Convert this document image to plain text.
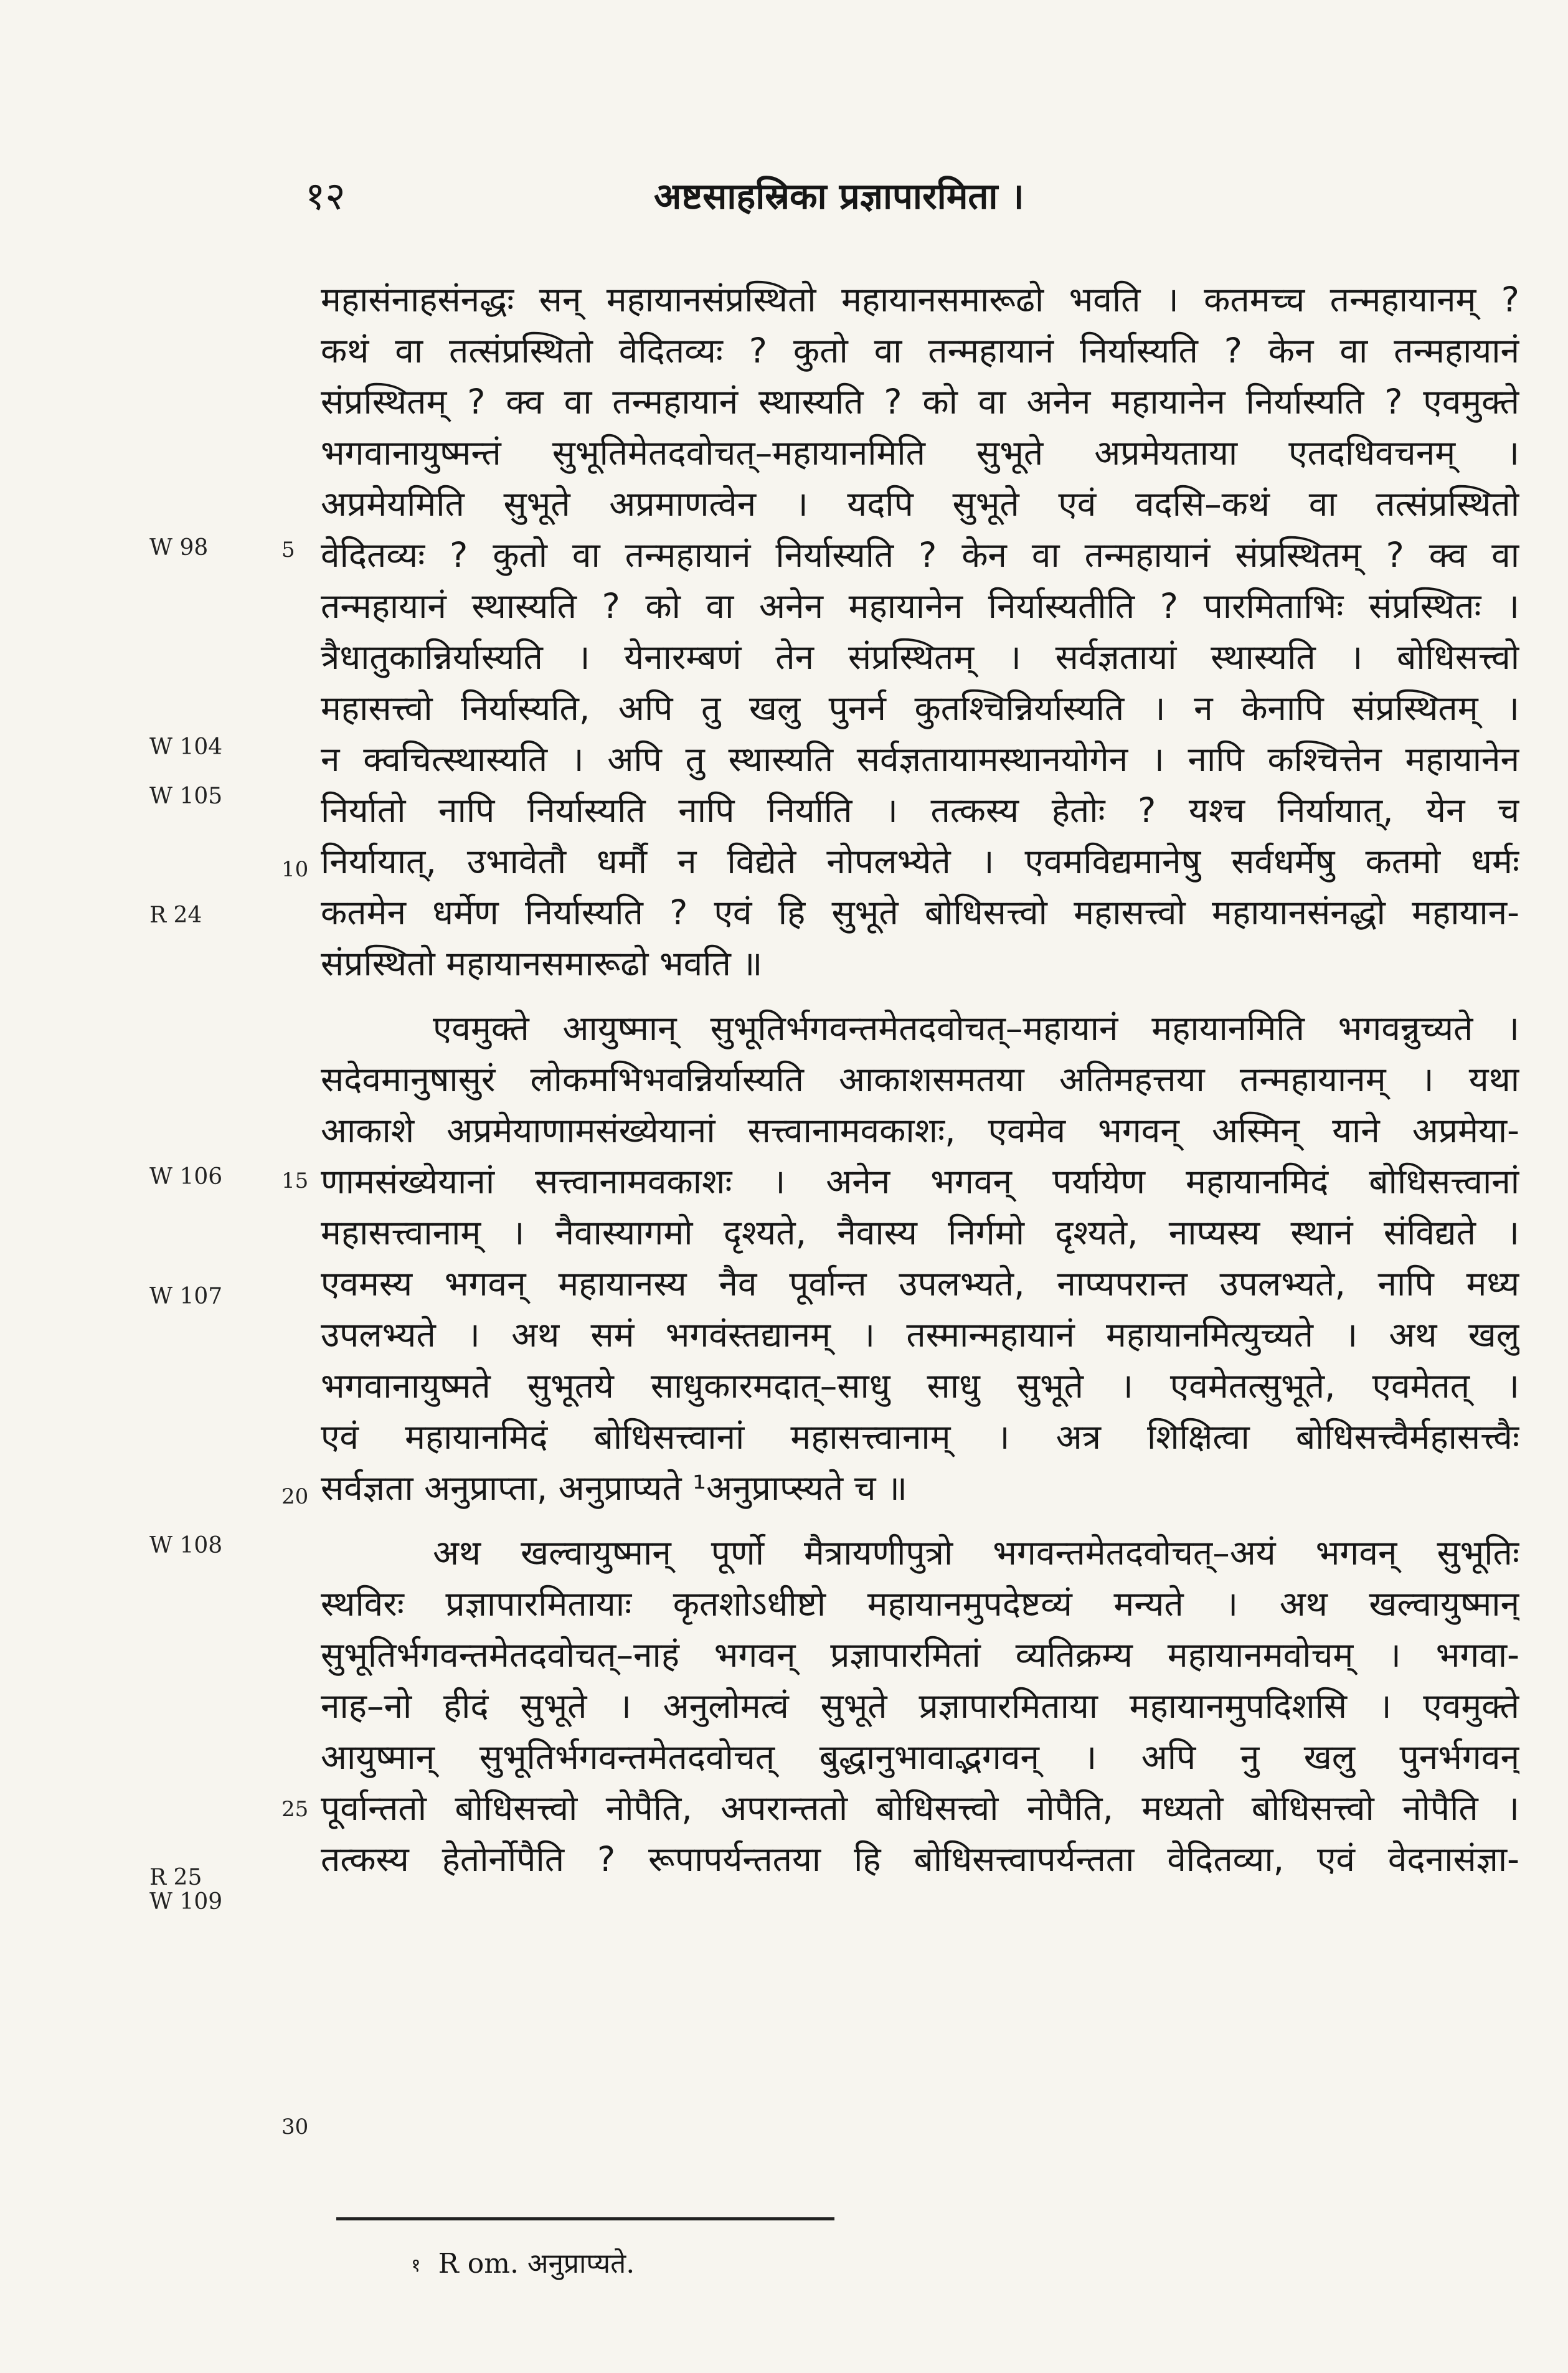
१२	अष्टसाहस्रिका प्रज्ञापारमिता ।
W 98
W 104
W 105
R 24
W 106
W 107
W 108
R 25
W 109
5
10
15
20
25
30
महासंनाहसंनद्धः सन् महायानसंप्रस्थितो महायानसमारूढो भवति । कतमच्च तन्महायानम् ?
कथं वा तत्संप्रस्थितो वेदितव्यः ? कुतो वा तन्महायानं निर्यास्यति ? केन वा तन्महायानं
संप्रस्थितम् ? क्व वा तन्महायानं स्थास्यति ? को वा अनेन महायानेन निर्यास्यति ? एवमुक्ते
भगवानायुष्मन्तं सुभूतिमेतदवोचत्–महायानमिति सुभूते अप्रमेयताया एतदधिवचनम् ।
अप्रमेयमिति सुभूते अप्रमाणत्वेन । यदपि सुभूते एवं वदसि–कथं वा तत्संप्रस्थितो
वेदितव्यः ? कुतो वा तन्महायानं निर्यास्यति ? केन वा तन्महायानं संप्रस्थितम् ? क्व वा
तन्महायानं स्थास्यति ? को वा अनेन महायानेन निर्यास्यतीति ? पारमिताभिः संप्रस्थितः ।
त्रैधातुकान्निर्यास्यति । येनारम्बणं तेन संप्रस्थितम् । सर्वज्ञतायां स्थास्यति । बोधिसत्त्वो
महासत्त्वो निर्यास्यति, अपि तु खलु पुनर्न कुतश्चिन्निर्यास्यति । न केनापि संप्रस्थितम् ।
न क्वचित्स्थास्यति । अपि तु स्थास्यति सर्वज्ञतायामस्थानयोगेन । नापि कश्चित्तेन महायानेन
निर्यातो नापि निर्यास्यति नापि निर्याति । तत्कस्य हेतोः ? यश्च निर्यायात्, येन च
निर्यायात्, उभावेतौ धर्मौ न विद्येते नोपलभ्येते । एवमविद्यमानेषु सर्वधर्मेषु कतमो धर्मः
कतमेन धर्मेण निर्यास्यति ? एवं हि सुभूते बोधिसत्त्वो महासत्त्वो महायानसंनद्धो महायान-
संप्रस्थितो महायानसमारूढो भवति ॥
एवमुक्ते आयुष्मान् सुभूतिर्भगवन्तमेतदवोचत्–महायानं महायानमिति भगवन्नुच्यते ।
सदेवमानुषासुरं लोकमभिभवन्निर्यास्यति आकाशसमतया अतिमहत्तया तन्महायानम् । यथा
आकाशे अप्रमेयाणामसंख्येयानां सत्त्वानामवकाशः, एवमेव भगवन् अस्मिन् याने अप्रमेया-
णामसंख्येयानां सत्त्वानामवकाशः । अनेन भगवन् पर्यायेण महायानमिदं बोधिसत्त्वानां
महासत्त्वानाम् । नैवास्यागमो दृश्यते, नैवास्य निर्गमो दृश्यते, नाप्यस्य स्थानं संविद्यते ।
एवमस्य भगवन् महायानस्य नैव पूर्वान्त उपलभ्यते, नाप्यपरान्त उपलभ्यते, नापि मध्य
उपलभ्यते । अथ समं भगवंस्तद्यानम् । तस्मान्महायानं महायानमित्युच्यते । अथ खलु
भगवानायुष्मते सुभूतये साधुकारमदात्–साधु साधु सुभूते । एवमेतत्सुभूते, एवमेतत् ।
एवं महायानमिदं बोधिसत्त्वानां महासत्त्वानाम् । अत्र शिक्षित्वा बोधिसत्त्वैर्महासत्त्वैः
सर्वज्ञता अनुप्राप्ता, अनुप्राप्यते ¹अनुप्राप्स्यते च ॥
अथ खल्वायुष्मान् पूर्णो मैत्रायणीपुत्रो भगवन्तमेतदवोचत्–अयं भगवन् सुभूतिः
स्थविरः प्रज्ञापारमितायाः कृतशोऽधीष्टो महायानमुपदेष्टव्यं मन्यते । अथ खल्वायुष्मान्
सुभूतिर्भगवन्तमेतदवोचत्–नाहं भगवन् प्रज्ञापारमितां व्यतिक्रम्य महायानमवोचम् । भगवा-
नाह–नो हीदं सुभूते । अनुलोमत्वं सुभूते प्रज्ञापारमिताया महायानमुपदिशसि । एवमुक्ते
आयुष्मान् सुभूतिर्भगवन्तमेतदवोचत् बुद्धानुभावाद्भगवन् । अपि नु खलु पुनर्भगवन्
पूर्वान्ततो बोधिसत्त्वो नोपैति, अपरान्ततो बोधिसत्त्वो नोपैति, मध्यतो बोधिसत्त्वो नोपैति ।
तत्कस्य हेतोर्नोपैति ? रूपापर्यन्ततया हि बोधिसत्त्वापर्यन्तता वेदितव्या, एवं वेदनासंज्ञा-
१ R om. अनुप्राप्यते.
